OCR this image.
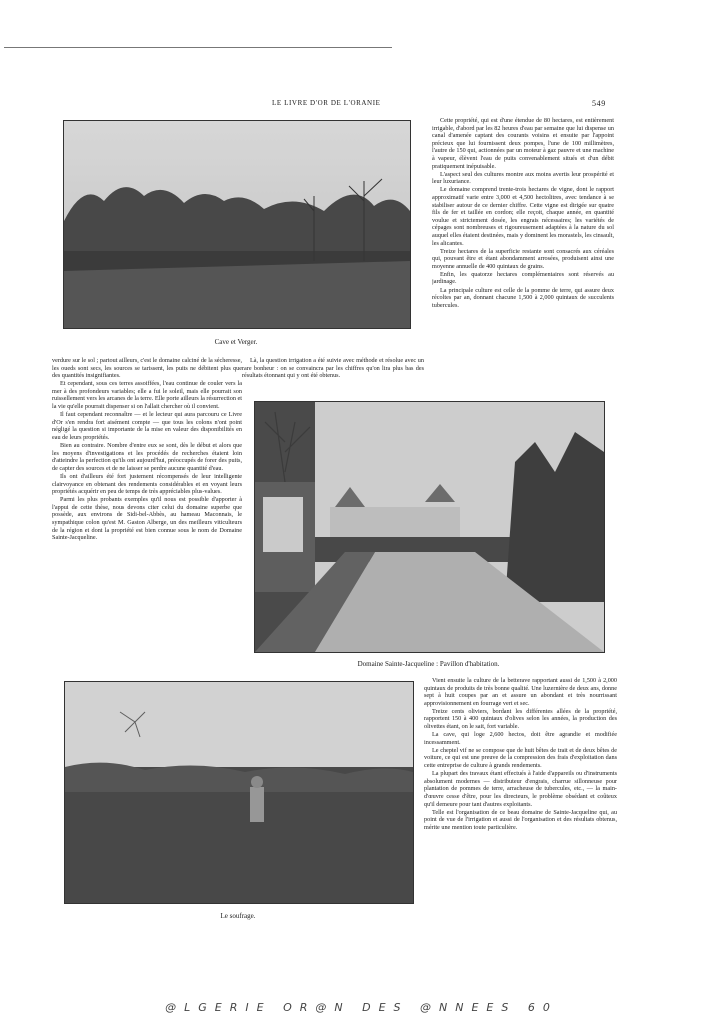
LE LIVRE D'OR DE L'ORANIE	549
Cave et Verger.

Cette propriété, qui est d'une étendue de 80 hectares, est entièrement irrigable, d'abord par les 82 heures d'eau par semaine que lui dispense un canal d'amenée captant des courants voisins et ensuite par l'appoint précieux que lui fournissent deux pompes, l'une de 100 millimètres, l'autre de 150 qui, actionnées par un moteur à gaz pauvre et une machine à vapeur, élèvent l'eau de puits convenablement situés et d'un débit pratiquement inépuisable.

L'aspect seul des cultures montre aux moins avertis leur prospérité et leur luxuriance.

Le domaine comprend trente-trois hectares de vigne, dont le rapport approximatif varie entre 3,000 et 4,500 hectolitres, avec tendance à se stabiliser autour de ce dernier chiffre. Cette vigne est dirigée sur quatre fils de fer et taillée en cordon; elle reçoit, chaque année, en quantité voulue et strictement dosée, les engrais nécessaires; les variétés de cépages sont nombreuses et rigoureusement adaptées à la nature du sol auquel elles étaient destinées, mais y dominent les morastels, les cinsault, les alicantes.

Treize hectares de la superficie restante sont consacrés aux céréales qui, pouvant être et étant abondamment arrosées, produisent ainsi une moyenne annuelle de 400 quintaux de grains.

Enfin, les quatorze hectares complémentaires sont réservés au jardinage.

La principale culture est celle de la pomme de terre, qui assure deux récoltes par an, donnant chacune 1,500 à 2,000 quintaux de succulents tubercules.

verdure sur le sol ; partout ailleurs, c'est le domaine calciné de la sécheresse, les oueds sont secs, les sources se tarissent, les puits ne débitent plus que des quantités insignifiantes.

Et cependant, sous ces terres assoiffées, l'eau continue de couler vers la mer à des profondeurs variables; elle a fui le soleil, mais elle pourrait son ruissellement vers les arcanes de la terre. Elle porte ailleurs la résurrection et la vie qu'elle pourrait dispenser si on l'allait chercher où il convient.

Il faut cependant reconnaître — et le lecteur qui aura parcouru ce Livre d'Or s'en rendra fort aisément compte — que tous les colons n'ont point négligé la question si importante de la mise en valeur des disponibilités en eau de leurs propriétés.

Bien au contraire. Nombre d'entre eux se sont, dès le début et alors que les moyens d'investigations et les procédés de recherches étaient loin d'atteindre la perfection qu'ils ont aujourd'hui, préoccupés de forer des puits, de capter des sources et de ne laisser se perdre aucune quantité d'eau.

Ils ont d'ailleurs été fort justement récompensés de leur intelligente clairvoyance en obtenant des rendements considérables et en voyant leurs propriétés acquérir en peu de temps de très appréciables plus-values.

Parmi les plus probants exemples qu'il nous est possible d'apporter à l'appui de cette thèse, nous devons citer celui du domaine superbe que possède, aux environs de Sidi-bel-Abbès, au hameau Maconnais, le sympathique colon qu'est M. Gaston Alberge, un des meilleurs viticulteurs de la région et dont la propriété est bien connue sous le nom de Domaine Sainte-Jacqueline.

Là, la question irrigation a été suivie avec méthode et résolue avec un rare bonheur : on se convaincra par les chiffres qu'on lira plus bas des résultats étonnant qui y ont été obtenus.

Domaine Sainte-Jacqueline : Pavillon d'habitation.
Le soufrage.

Vient ensuite la culture de la betterave rapportant aussi de 1,500 à 2,000 quintaux de produits de très bonne qualité. Une luzernière de deux ans, donne sept à huit coupes par an et assure un abondant et très nourrissant approvisionnement en fourrage vert et sec.

Treize cents oliviers, bordant les différentes allées de la propriété, rapportent 150 à 400 quintaux d'olives selon les années, la production des olivettes étant, on le sait, fort variable.

La cave, qui loge 2,600 hectos, doit être agrandie et modifiée incessamment.

Le cheptel vif ne se compose que de huit bêtes de trait et de deux bêtes de voiture, ce qui est une preuve de la compression des frais d'exploitation dans cette entreprise de culture à grands rendements.

La plupart des travaux étant effectués à l'aide d'appareils ou d'instruments absolument modernes — distributeur d'engrais, charrue sillonneuse pour plantation de pommes de terre, arracheuse de tubercules, etc., — la main-d'œuvre cesse d'être, pour les directeurs, le problème obsédant et coûteux qu'il demeure pour tant d'autres exploitants.

Telle est l'organisation de ce beau domaine de Sainte-Jacqueline qui, au point de vue de l'irrigation et aussi de l'organisation et des résultats obtenus, mérite une mention toute particulière.

@LGERIE OR@N DES @NNEES 60
